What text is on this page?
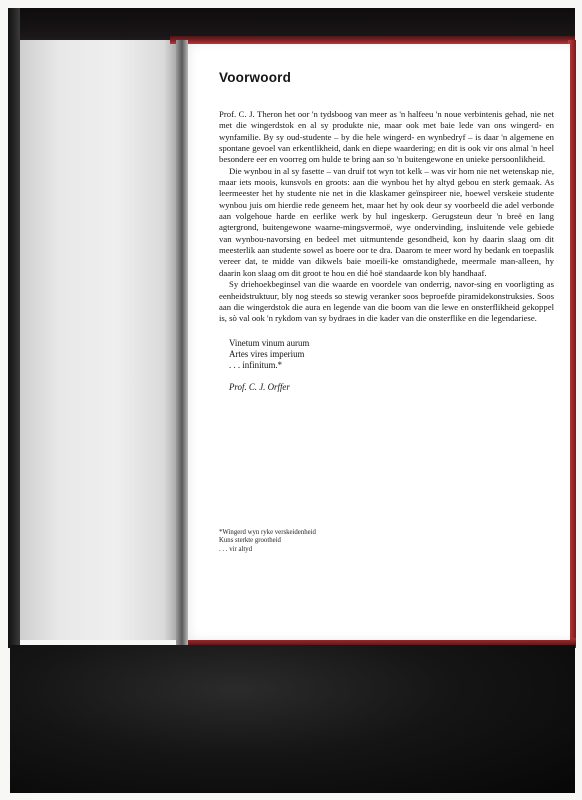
Voorwoord

Prof. C. J. Theron het oor 'n tydsboog van meer as 'n halfeeu 'n noue verbintenis gehad, nie net met die wingerdstok en al sy produkte nie, maar ook met baie lede van ons wingerd- en wynfamilie. By sy oud-studente – by die hele wingerd- en wynbedryf – is daar 'n algemene en spontane gevoel van erkentlikheid, dank en diepe waardering; en dit is ook vir ons almal 'n heel besondere eer en voorreg om hulde te bring aan so 'n buitengewone en unieke persoonlikheid.

Die wynbou in al sy fasette – van druif tot wyn tot kelk – was vir hom nie net wetenskap nie, maar iets moois, kunsvols en groots: aan die wynbou het hy altyd gebou en sterk gemaak. As leermeester het hy studente nie net in die klaskamer geïnspireer nie, hoewel verskeie studente wynbou juis om hierdie rede geneem het, maar het hy ook deur sy voorbeeld die adel verbonde aan volgehoue harde en eerlike werk by hul ingeskerp. Gerugsteun deur 'n breë en lang agtergrond, buitengewone waarne-mingsvermoë, wye ondervinding, insluitende vele gebiede van wynbou-navorsing en bedeel met uitmuntende gesondheid, kon hy daarin slaag om dit meesterlik aan studente sowel as boere oor te dra. Daarom te meer word hy bedank en toepaslik vereer dat, te midde van dikwels baie moeili-ke omstandighede, meermale man-alleen, hy daarin kon slaag om dit groot te hou en dié hoë standaarde kon bly handhaaf.

Sy driehoekbeginsel van die waarde en voordele van onderrig, navor-sing en voorligting as eenheidstruktuur, bly nog steeds so stewig veranker soos beproefde piramidekonstruksies. Soos aan die wingerdstok die aura en legende van die boom van die lewe en onsterflikheid gekoppel is, sò val ook 'n rykdom van sy bydraes in die kader van die onsterflike en die legendariese.

Vinetum vinum aurum
Artes vires imperium
. . . infinitum.*
Prof. C. J. Orffer
*Wingerd wyn ryke verskeidenheid
Kuns sterkte grootheid
. . . vir altyd
